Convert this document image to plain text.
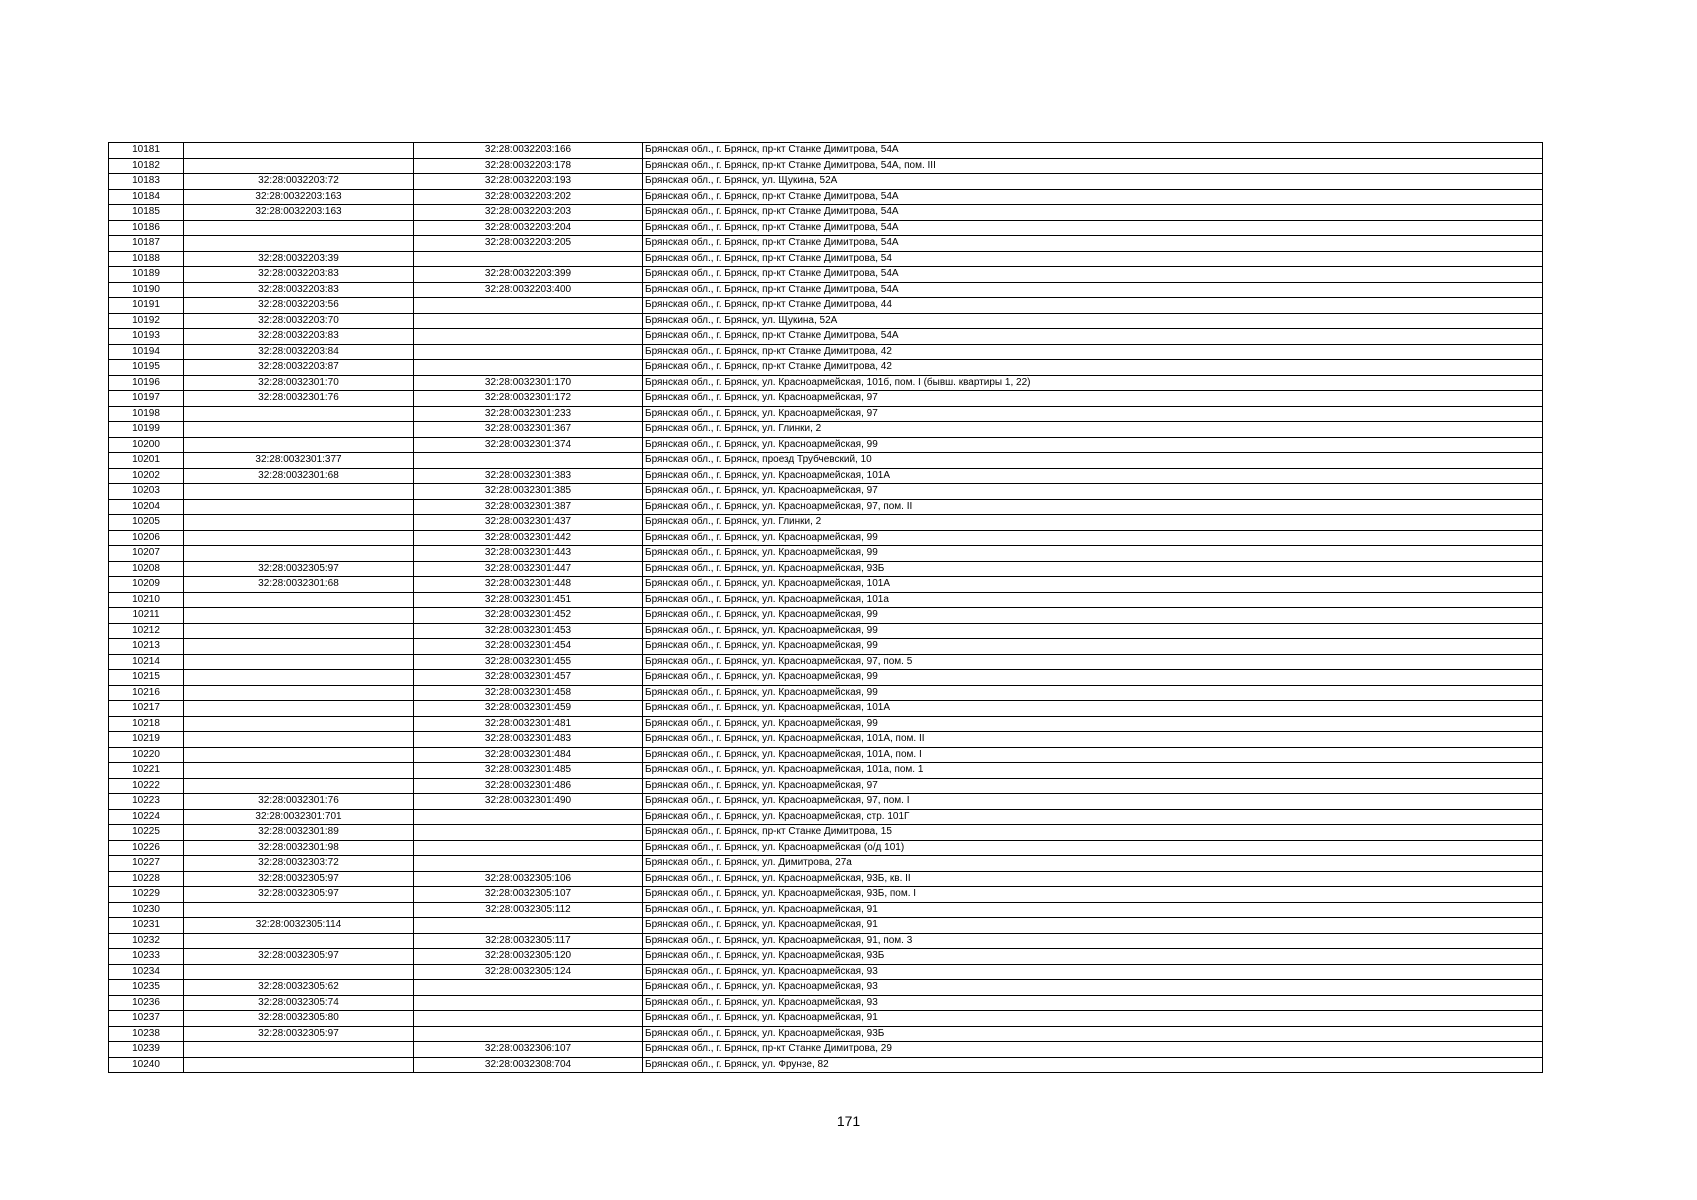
10181		32:28:0032203:166	Брянская обл., г. Брянск, пр-кт Станке Димитрова, 54А
10182		32:28:0032203:178	Брянская обл., г. Брянск, пр-кт Станке Димитрова, 54А, пом. III
10183	32:28:0032203:72	32:28:0032203:193	Брянская обл., г. Брянск, ул. Щукина, 52А
10184	32:28:0032203:163	32:28:0032203:202	Брянская обл., г. Брянск, пр-кт Станке Димитрова, 54А
10185	32:28:0032203:163	32:28:0032203:203	Брянская обл., г. Брянск, пр-кт Станке Димитрова, 54А
10186		32:28:0032203:204	Брянская обл., г. Брянск, пр-кт Станке Димитрова, 54А
10187		32:28:0032203:205	Брянская обл., г. Брянск, пр-кт Станке Димитрова, 54А
10188	32:28:0032203:39		Брянская обл., г. Брянск, пр-кт Станке Димитрова, 54
10189	32:28:0032203:83	32:28:0032203:399	Брянская обл., г. Брянск, пр-кт Станке Димитрова, 54А
10190	32:28:0032203:83	32:28:0032203:400	Брянская обл., г. Брянск, пр-кт Станке Димитрова, 54А
10191	32:28:0032203:56		Брянская обл., г. Брянск, пр-кт Станке Димитрова, 44
10192	32:28:0032203:70		Брянская обл., г. Брянск, ул. Щукина, 52А
10193	32:28:0032203:83		Брянская обл., г. Брянск, пр-кт Станке Димитрова, 54А
10194	32:28:0032203:84		Брянская обл., г. Брянск, пр-кт Станке Димитрова, 42
10195	32:28:0032203:87		Брянская обл., г. Брянск, пр-кт Станке Димитрова, 42
10196	32:28:0032301:70	32:28:0032301:170	Брянская обл., г. Брянск, ул. Красноармейская, 101б, пом. I (бывш. квартиры 1, 22)
10197	32:28:0032301:76	32:28:0032301:172	Брянская обл., г. Брянск, ул. Красноармейская, 97
10198		32:28:0032301:233	Брянская обл., г. Брянск, ул. Красноармейская, 97
10199		32:28:0032301:367	Брянская обл., г. Брянск, ул. Глинки, 2
10200		32:28:0032301:374	Брянская обл., г. Брянск, ул. Красноармейская, 99
10201	32:28:0032301:377		Брянская обл., г. Брянск, проезд Трубчевский, 10
10202	32:28:0032301:68	32:28:0032301:383	Брянская обл., г. Брянск, ул. Красноармейская, 101А
10203		32:28:0032301:385	Брянская обл., г. Брянск, ул. Красноармейская, 97
10204		32:28:0032301:387	Брянская обл., г. Брянск, ул. Красноармейская, 97, пом. II
10205		32:28:0032301:437	Брянская обл., г. Брянск, ул. Глинки, 2
10206		32:28:0032301:442	Брянская обл., г. Брянск, ул. Красноармейская, 99
10207		32:28:0032301:443	Брянская обл., г. Брянск, ул. Красноармейская, 99
10208	32:28:0032305:97	32:28:0032301:447	Брянская обл., г. Брянск, ул. Красноармейская, 93Б
10209	32:28:0032301:68	32:28:0032301:448	Брянская обл., г. Брянск, ул. Красноармейская, 101А
10210		32:28:0032301:451	Брянская обл., г. Брянск, ул. Красноармейская, 101а
10211		32:28:0032301:452	Брянская обл., г. Брянск, ул. Красноармейская, 99
10212		32:28:0032301:453	Брянская обл., г. Брянск, ул. Красноармейская, 99
10213		32:28:0032301:454	Брянская обл., г. Брянск, ул. Красноармейская, 99
10214		32:28:0032301:455	Брянская обл., г. Брянск, ул. Красноармейская, 97, пом. 5
10215		32:28:0032301:457	Брянская обл., г. Брянск, ул. Красноармейская, 99
10216		32:28:0032301:458	Брянская обл., г. Брянск, ул. Красноармейская, 99
10217		32:28:0032301:459	Брянская обл., г. Брянск, ул. Красноармейская, 101А
10218		32:28:0032301:481	Брянская обл., г. Брянск, ул. Красноармейская, 99
10219		32:28:0032301:483	Брянская обл., г. Брянск, ул. Красноармейская, 101А, пом. II
10220		32:28:0032301:484	Брянская обл., г. Брянск, ул. Красноармейская, 101А, пом. I
10221		32:28:0032301:485	Брянская обл., г. Брянск, ул. Красноармейская, 101а, пом. 1
10222		32:28:0032301:486	Брянская обл., г. Брянск, ул. Красноармейская, 97
10223	32:28:0032301:76	32:28:0032301:490	Брянская обл., г. Брянск, ул. Красноармейская, 97, пом. I
10224	32:28:0032301:701		Брянская обл., г. Брянск, ул. Красноармейская, стр. 101Г
10225	32:28:0032301:89		Брянская обл., г. Брянск, пр-кт Станке Димитрова, 15
10226	32:28:0032301:98		Брянская обл., г. Брянск, ул. Красноармейская (о/д 101)
10227	32:28:0032303:72		Брянская обл., г. Брянск, ул. Димитрова, 27а
10228	32:28:0032305:97	32:28:0032305:106	Брянская обл., г. Брянск, ул. Красноармейская, 93Б, кв. II
10229	32:28:0032305:97	32:28:0032305:107	Брянская обл., г. Брянск, ул. Красноармейская, 93Б, пом. I
10230		32:28:0032305:112	Брянская обл., г. Брянск, ул. Красноармейская, 91
10231	32:28:0032305:114		Брянская обл., г. Брянск, ул. Красноармейская, 91
10232		32:28:0032305:117	Брянская обл., г. Брянск, ул. Красноармейская, 91, пом. 3
10233	32:28:0032305:97	32:28:0032305:120	Брянская обл., г. Брянск, ул. Красноармейская, 93Б
10234		32:28:0032305:124	Брянская обл., г. Брянск, ул. Красноармейская, 93
10235	32:28:0032305:62		Брянская обл., г. Брянск, ул. Красноармейская, 93
10236	32:28:0032305:74		Брянская обл., г. Брянск, ул. Красноармейская, 93
10237	32:28:0032305:80		Брянская обл., г. Брянск, ул. Красноармейская, 91
10238	32:28:0032305:97		Брянская обл., г. Брянск, ул. Красноармейская, 93Б
10239		32:28:0032306:107	Брянская обл., г. Брянск, пр-кт Станке Димитрова, 29
10240		32:28:0032308:704	Брянская обл., г. Брянск, ул. Фрунзе, 82
171
